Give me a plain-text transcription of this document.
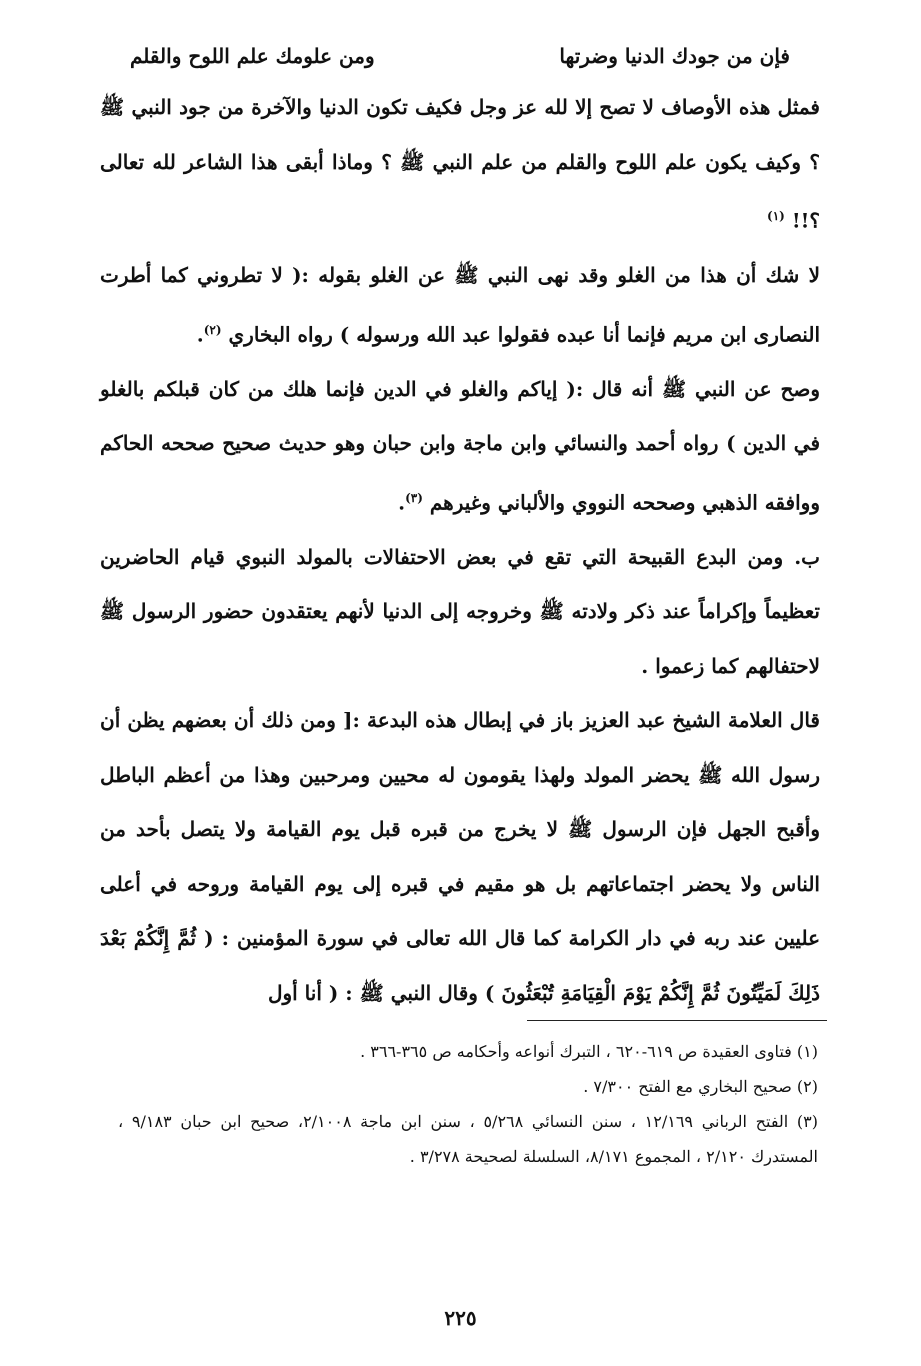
فإن من جودك الدنيا وضرتها
ومن علومك علم اللوح والقلم

فمثل هذه الأوصاف لا تصح إلا لله عز وجل فكيف تكون الدنيا والآخرة من جود النبي ﷺ ؟ وكيف يكون علم اللوح والقلم من علم النبي ﷺ ؟ وماذا أبقى هذا الشاعر لله تعالى ؟!! $^{(١)}$

لا شك أن هذا من الغلو وقد نهى النبي ﷺ عن الغلو بقوله :( لا تطروني كما أطرت النصارى ابن مريم فإنما أنا عبده فقولوا عبد الله ورسوله ) رواه البخاري $^{(٢)}$.

وصح عن النبي ﷺ أنه قال :( إياكم والغلو في الدين فإنما هلك من كان قبلكم بالغلو في الدين ) رواه أحمد والنسائي وابن ماجة وابن حبان وهو حديث صحيح صححه الحاكم ووافقه الذهبي وصححه النووي والألباني وغيرهم $^{(٣)}$.

ب. ومن البدع القبيحة التي تقع في بعض الاحتفالات بالمولد النبوي قيام الحاضرين تعظيماً وإكراماً عند ذكر ولادته ﷺ وخروجه إلى الدنيا لأنهم يعتقدون حضور الرسول ﷺ لاحتفالهم كما زعموا .

قال العلامة الشيخ عبد العزيز باز في إبطال هذه البدعة :[ ومن ذلك أن بعضهم يظن أن رسول الله ﷺ يحضر المولد ولهذا يقومون له محيين ومرحبين وهذا من أعظم الباطل وأقبح الجهل فإن الرسول ﷺ لا يخرج من قبره قبل يوم القيامة ولا يتصل بأحد من الناس ولا يحضر اجتماعاتهم بل هو مقيم في قبره إلى يوم القيامة وروحه في أعلى عليين عند ربه في دار الكرامة كما قال الله تعالى في سورة المؤمنين : ( ثُمَّ إِنَّكُمْ بَعْدَ ذَلِكَ لَمَيِّتُونَ ثُمَّ إِنَّكُمْ يَوْمَ الْقِيَامَةِ تُبْعَثُونَ ) وقال النبي ﷺ : ( أنا أول

(١) فتاوى العقيدة ص ٦١٩-٦٢٠ ، التبرك أنواعه وأحكامه ص ٣٦٥-٣٦٦ .

(٢) صحيح البخاري مع الفتح ٧/٣٠٠ .

(٣) الفتح الرباني ١٢/١٦٩ ، سنن النسائي ٥/٢٦٨ ، سنن ابن ماجة ٢/١٠٠٨، صحيح ابن حبان ٩/١٨٣ ، المستدرك ٢/١٢٠ ، المجموع ٨/١٧١، السلسلة لصحيحة ٣/٢٧٨ .

٢٢٥
